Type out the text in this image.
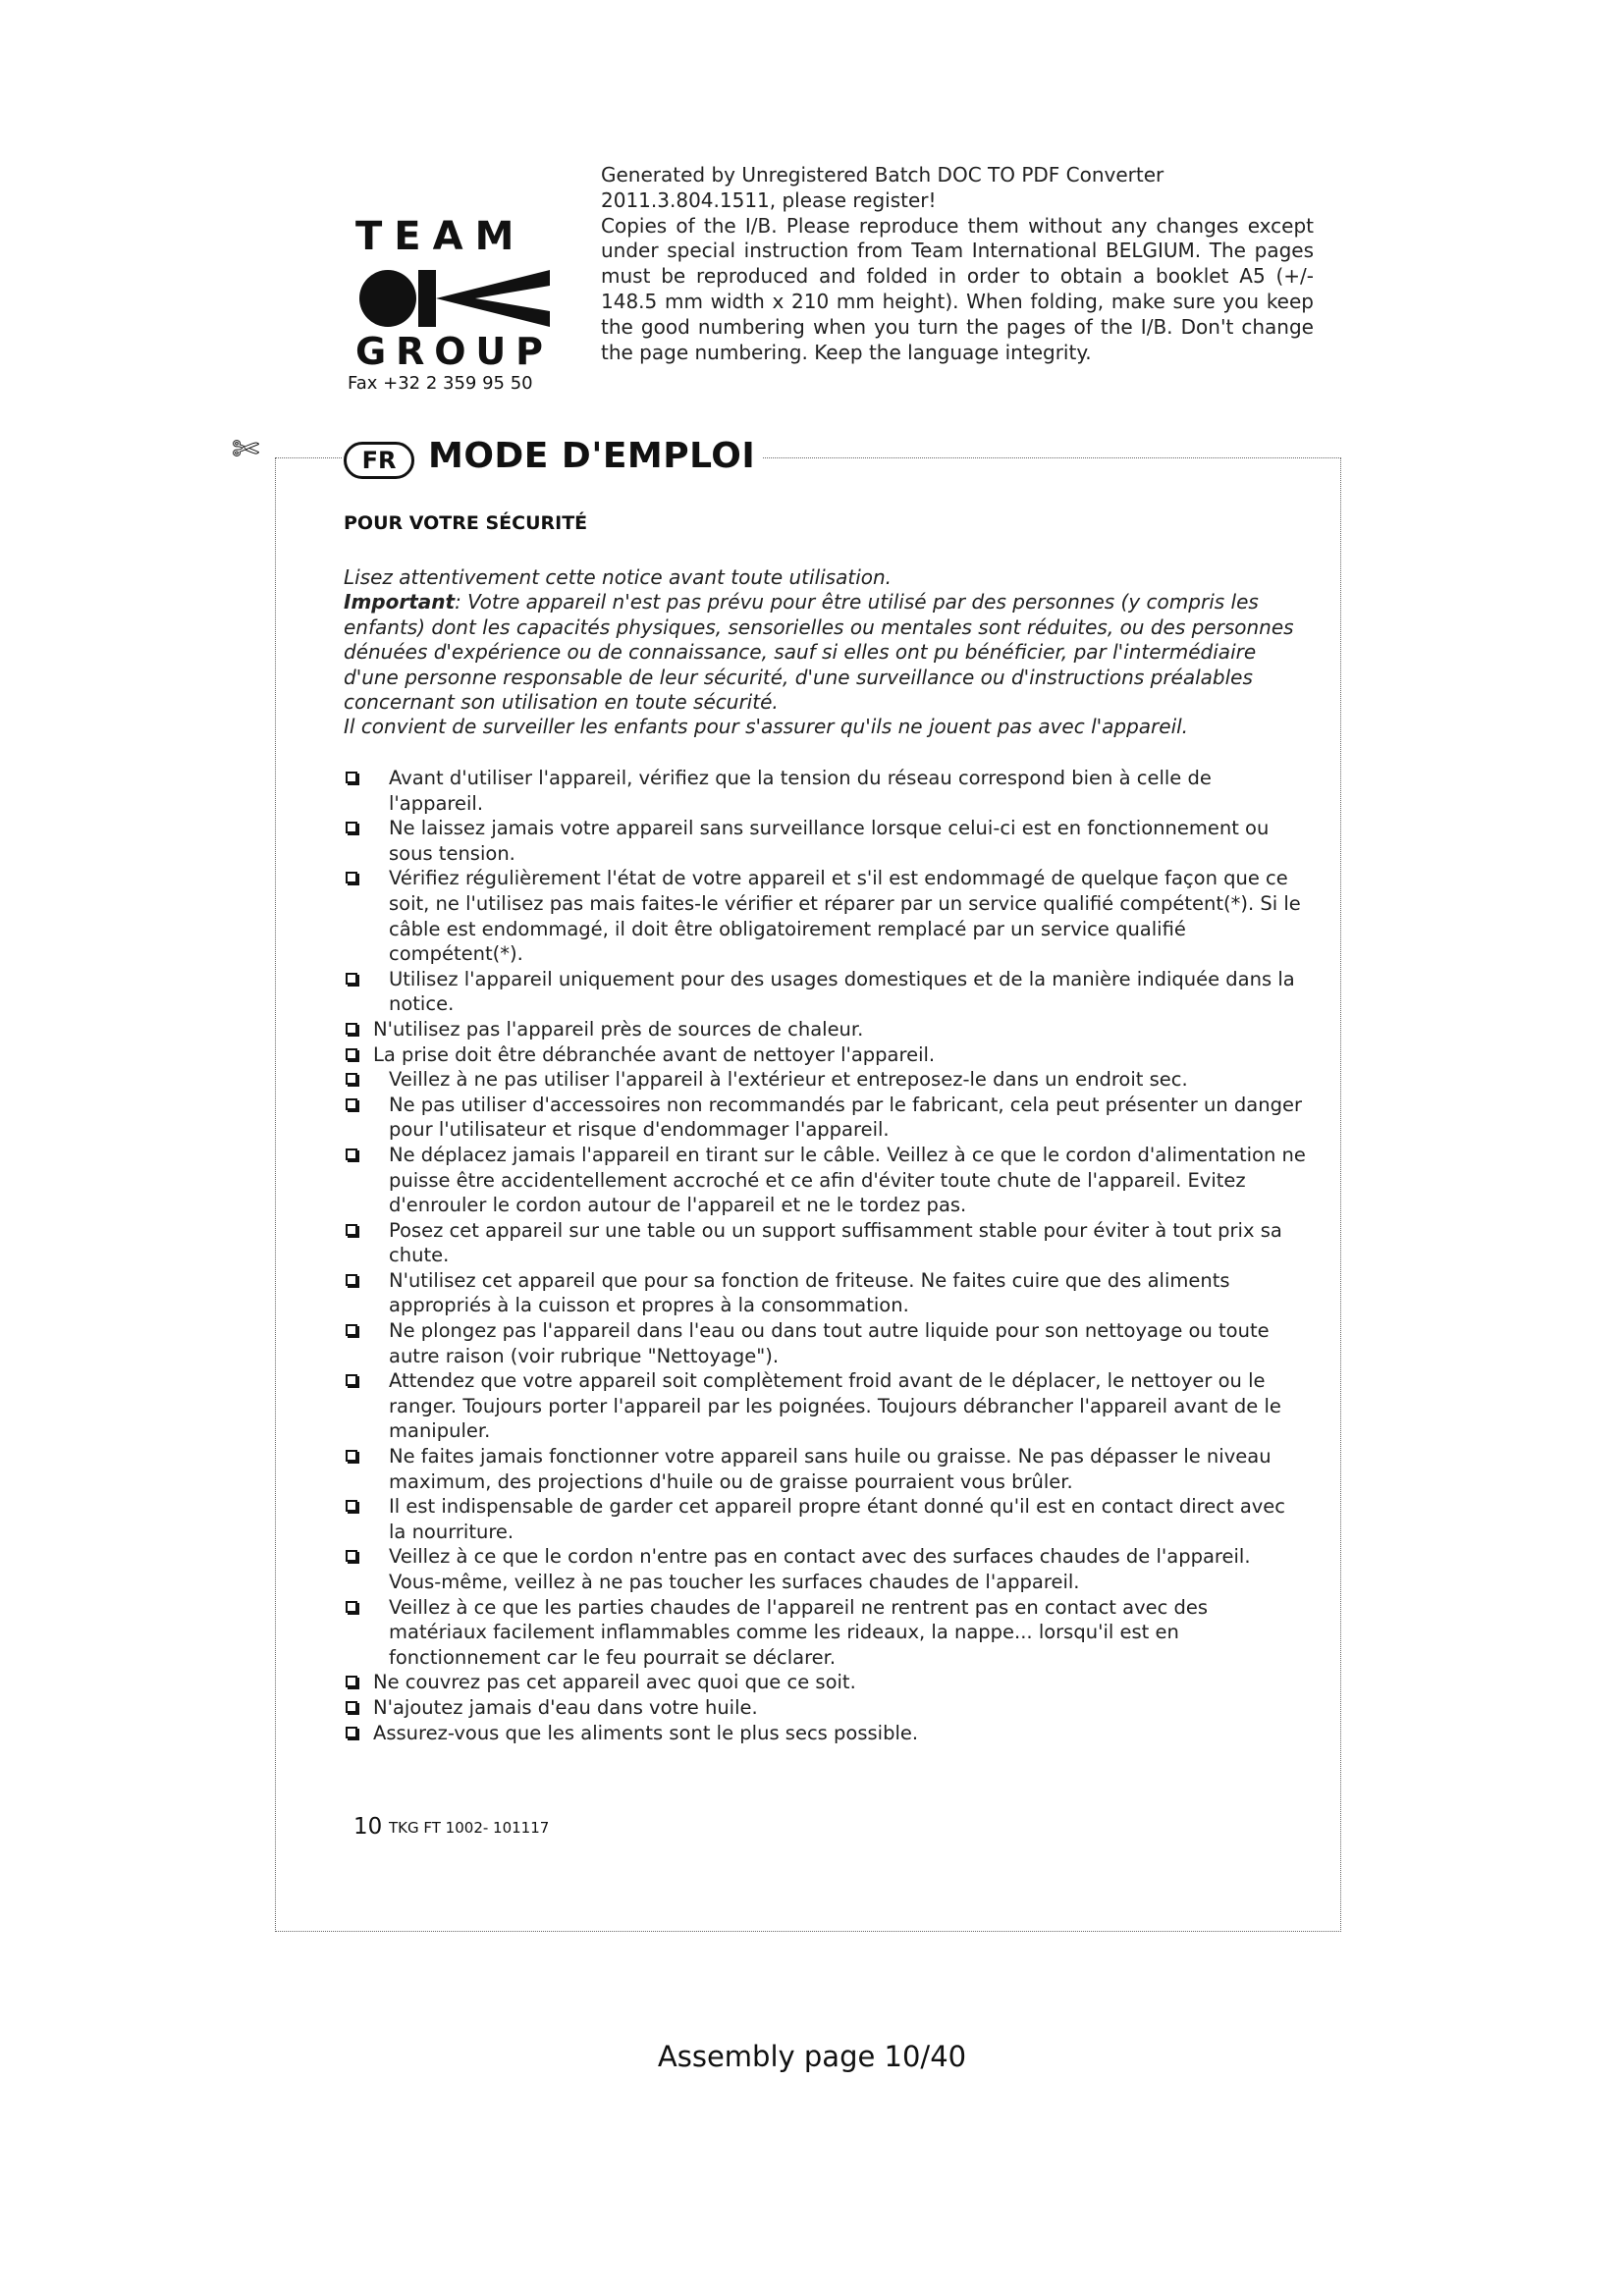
TEAM
GROUP
Fax +32 2 359 95 50
Generated by Unregistered Batch DOC TO PDF Converter
2011.3.804.1511, please register!
Copies of the I/B. Please reproduce them without any changes except under special instruction from Team International BELGIUM. The pages must be reproduced and folded in order to obtain a booklet A5 (+/- 148.5 mm width x 210 mm height). When folding, make sure you keep the good numbering when you turn the pages of the I/B. Don't change the page numbering. Keep the language integrity.
✄	FR MODE D'EMPLOI
POUR VOTRE SÉCURITÉ

Lisez attentivement cette notice avant toute utilisation.

Important: Votre appareil n'est pas prévu pour être utilisé par des personnes (y compris les enfants) dont les capacités physiques, sensorielles ou mentales sont réduites, ou des personnes dénuées d'expérience ou de connaissance, sauf si elles ont pu bénéficier, par l'intermédiaire d'une personne responsable de leur sécurité, d'une surveillance ou d'instructions préalables concernant son utilisation en toute sécurité.

Il convient de surveiller les enfants pour s'assurer qu'ils ne jouent pas avec l'appareil.

Avant d'utiliser l'appareil, vérifiez que la tension du réseau correspond bien à celle de l'appareil.
Ne laissez jamais votre appareil sans surveillance lorsque celui-ci est en fonctionnement ou sous tension.
Vérifiez régulièrement l'état de votre appareil et s'il est endommagé de quelque façon que ce soit, ne l'utilisez pas mais faites-le vérifier et réparer par un service qualifié compétent(*). Si le câble est endommagé, il doit être obligatoirement remplacé par un service qualifié compétent(*).
Utilisez l'appareil uniquement pour des usages domestiques et de la manière indiquée dans la notice.
N'utilisez pas l'appareil près de sources de chaleur.
La prise doit être débranchée avant de nettoyer l'appareil.
Veillez à ne pas utiliser l'appareil à l'extérieur et entreposez-le dans un endroit sec.
Ne pas utiliser d'accessoires non recommandés par le fabricant, cela peut présenter un danger pour l'utilisateur et risque d'endommager l'appareil.
Ne déplacez jamais l'appareil en tirant sur le câble. Veillez à ce que le cordon d'alimentation ne puisse être accidentellement accroché et ce afin d'éviter toute chute de l'appareil. Evitez d'enrouler le cordon autour de l'appareil et ne le tordez pas.
Posez cet appareil sur une table ou un support suffisamment stable pour éviter à tout prix sa chute.
N'utilisez cet appareil que pour sa fonction de friteuse. Ne faites cuire que des aliments appropriés à la cuisson et propres à la consommation.
Ne plongez pas l'appareil dans l'eau ou dans tout autre liquide pour son nettoyage ou toute autre raison (voir rubrique "Nettoyage").
Attendez que votre appareil soit complètement froid avant de le déplacer, le nettoyer ou le ranger. Toujours porter l'appareil par les poignées. Toujours débrancher l'appareil avant de le manipuler.
Ne faites jamais fonctionner votre appareil sans huile ou graisse. Ne pas dépasser le niveau maximum, des projections d'huile ou de graisse pourraient vous brûler.
Il est indispensable de garder cet appareil propre étant donné qu'il est en contact direct avec la nourriture.
Veillez à ce que le cordon n'entre pas en contact avec des surfaces chaudes de l'appareil. Vous-même, veillez à ne pas toucher les surfaces chaudes de l'appareil.
Veillez à ce que les parties chaudes de l'appareil ne rentrent pas en contact avec des matériaux facilement inflammables comme les rideaux, la nappe... lorsqu'il est en fonctionnement car le feu pourrait se déclarer.
Ne couvrez pas cet appareil avec quoi que ce soit.
N'ajoutez jamais d'eau dans votre huile.
Assurez-vous que les aliments sont le plus secs possible.
10 TKG FT 1002- 101117
Assembly page 10/40
